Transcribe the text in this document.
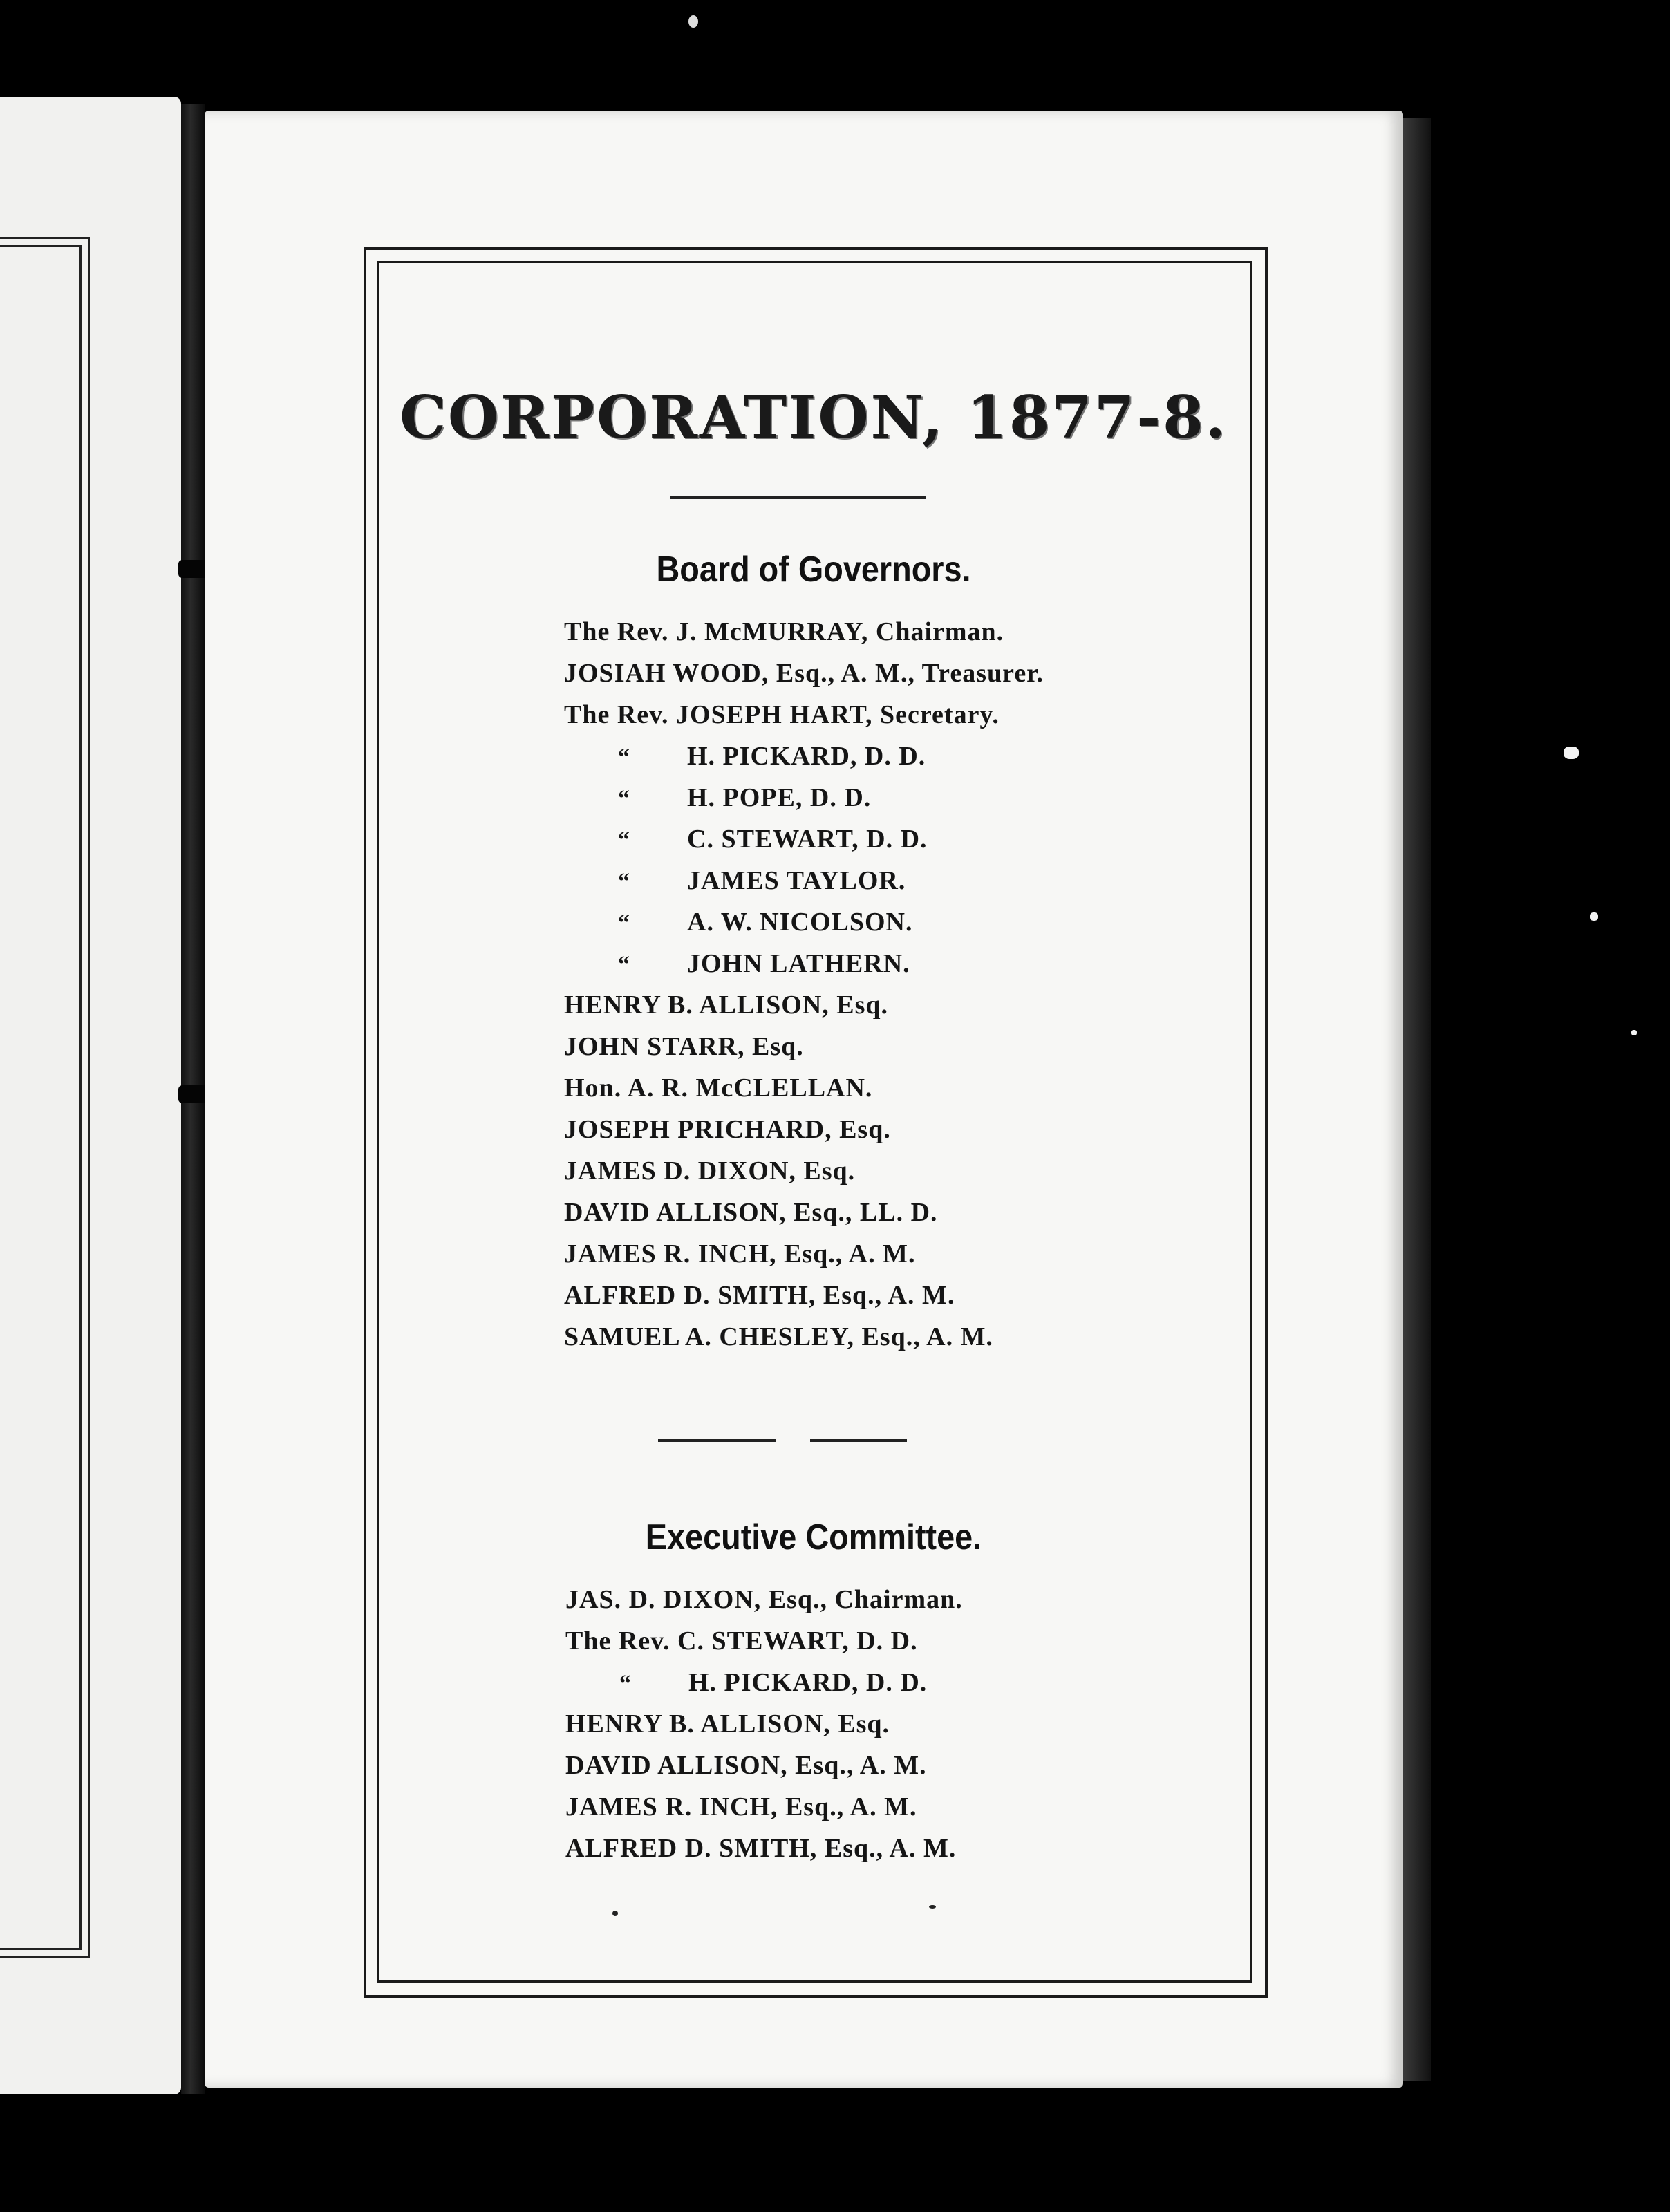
CORPORATION, 1877-8.
Board of Governors.
The Rev. J. McMURRAY, Chairman.
JOSIAH WOOD, Esq., A. M., Treasurer.
The Rev. JOSEPH HART, Secretary.
“ H. PICKARD, D. D.
“ H. POPE, D. D.
“ C. STEWART, D. D.
“ JAMES TAYLOR.
“ A. W. NICOLSON.
“ JOHN LATHERN.
HENRY B. ALLISON, Esq.
JOHN STARR, Esq.
Hon. A. R. McCLELLAN.
JOSEPH PRICHARD, Esq.
JAMES D. DIXON, Esq.
DAVID ALLISON, Esq., LL. D.
JAMES R. INCH, Esq., A. M.
ALFRED D. SMITH, Esq., A. M.
SAMUEL A. CHESLEY, Esq., A. M.
Executive Committee.
JAS. D. DIXON, Esq., Chairman.
The Rev. C. STEWART, D. D.
“ H. PICKARD, D. D.
HENRY B. ALLISON, Esq.
DAVID ALLISON, Esq., A. M.
JAMES R. INCH, Esq., A. M.
ALFRED D. SMITH, Esq., A. M.
